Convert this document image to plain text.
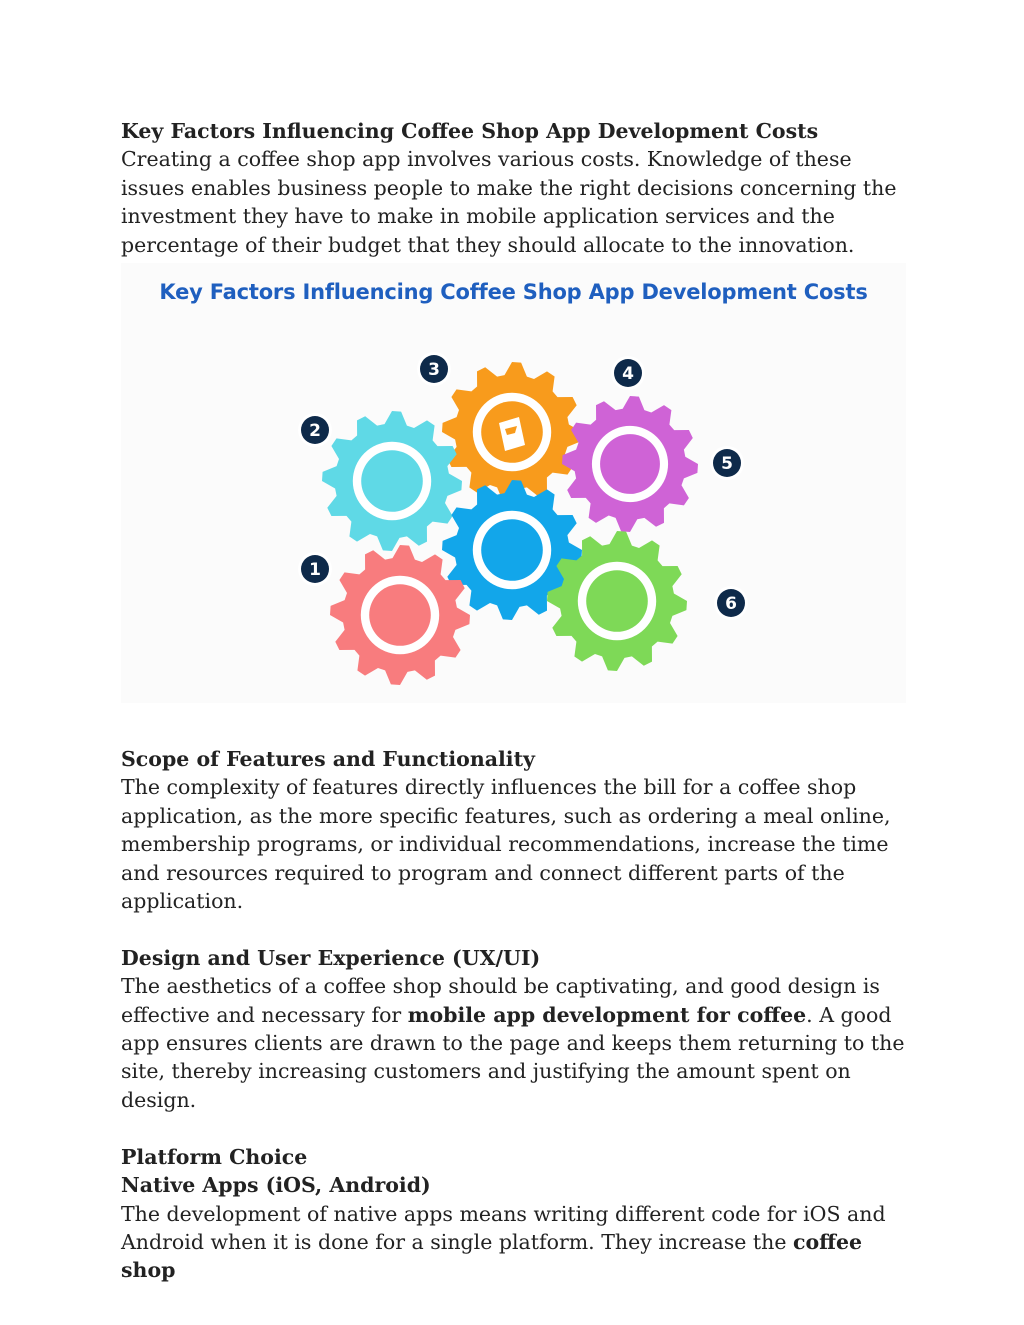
Key Factors Influencing Coffee Shop App Development Costs

Creating a coffee shop app involves various costs. Knowledge of these issues enables business people to make the right decisions concerning the investment they have to make in mobile application services and the percentage of their budget that they should allocate to the innovation.

Key Factors Influencing Coffee Shop App Development Costs
3
2
4
1
6
5

Scope of Features and Functionality

The complexity of features directly influences the bill for a coffee shop application, as the more specific features, such as ordering a meal online, membership programs, or individual recommendations, increase the time and resources required to program and connect different parts of the application.

Design and User Experience (UX/UI)

The aesthetics of a coffee shop should be captivating, and good design is effective and necessary for mobile app development for coffee. A good app ensures clients are drawn to the page and keeps them returning to the site, thereby increasing customers and justifying the amount spent on design.

Platform Choice

Native Apps (iOS, Android)

The development of native apps means writing different code for iOS and Android when it is done for a single platform. They increase the coffee shop
